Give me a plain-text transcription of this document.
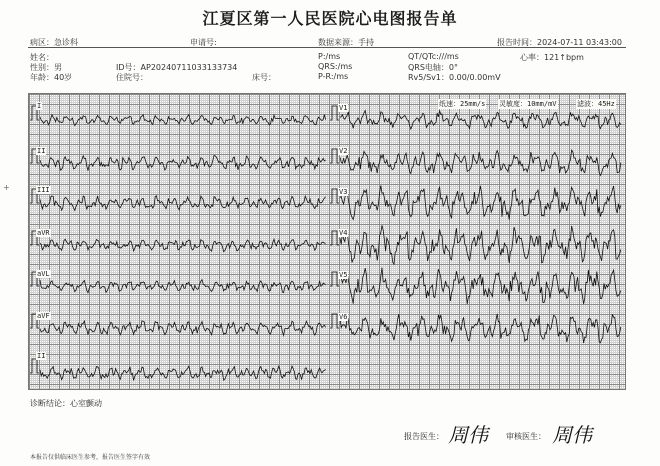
江夏区第一人民医院心电图报告单
病区：急诊科	申请号:	数据来源：手持	报告时间：2024-07-11 03:43:00
姓名：
性别：男
年龄：40岁
ID号：AP20240711033133734
住院号：	床号：
P:/ms
QRS:/ms
P-R:/ms
QT/QTc:///ms
QRS电轴：0°
Rv5/Sv1：0.00/0.00mV
心率：121↑bpm
+
纸速：25mm/s 灵敏度：10mm/mV	滤波：45Hz
I
II
III
aVR
aVL
aVF
II
V1
V2
V3
V4
V5
V6
诊断结论：心室颤动
报告医生： 周伟 审核医生： 周伟
本报告仅供临床医生参考，报告医生签字有效
